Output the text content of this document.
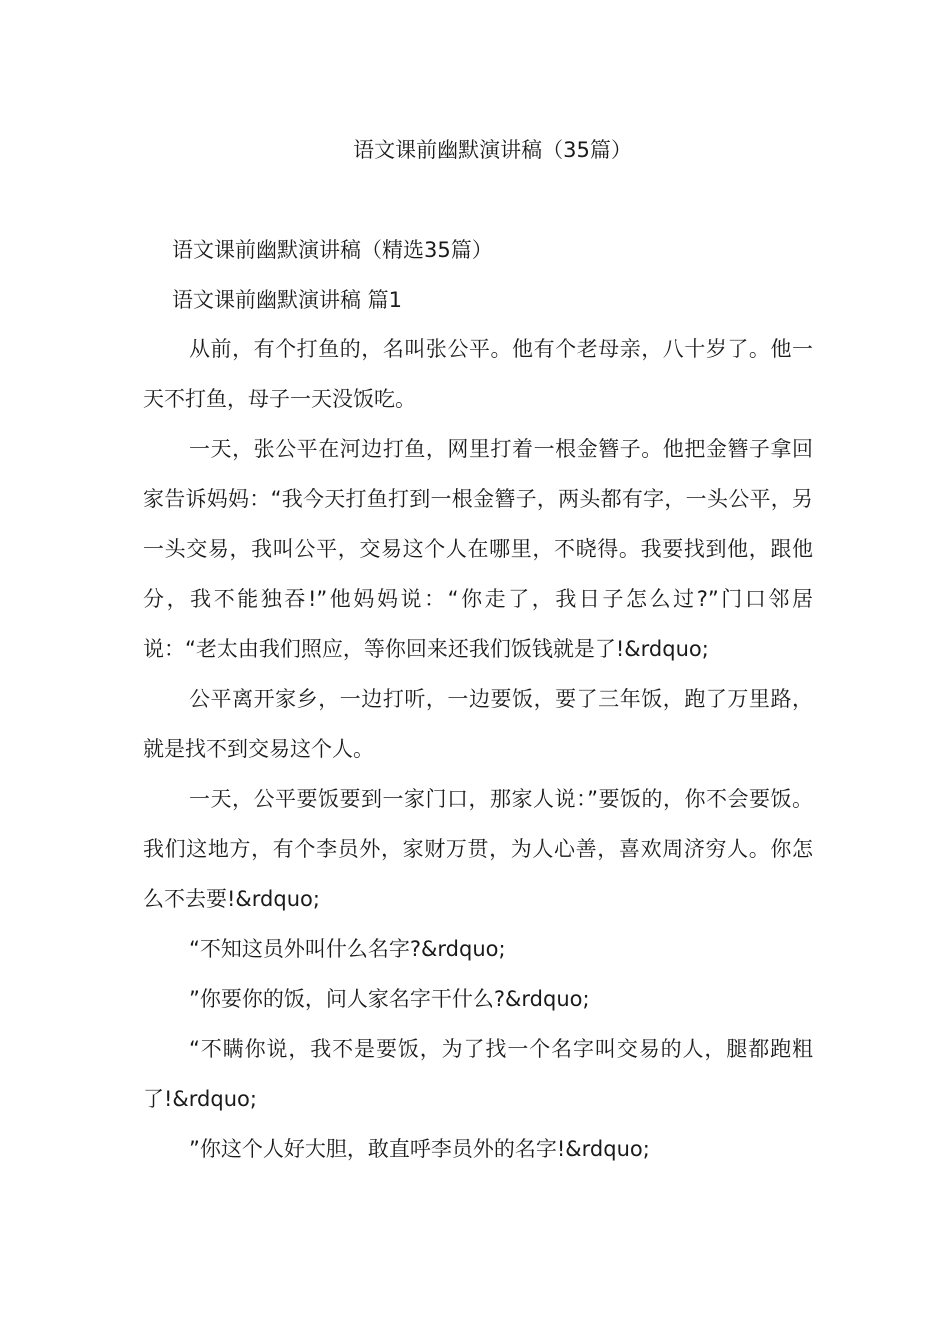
语文课前幽默演讲稿（35篇）

语文课前幽默演讲稿（精选35篇）

语文课前幽默演讲稿 篇1

从前，有个打鱼的，名叫张公平。他有个老母亲，八十岁了。他一天不打鱼，母子一天没饭吃。

一天，张公平在河边打鱼，网里打着一根金簪子。他把金簪子拿回家告诉妈妈：“我今天打鱼打到一根金簪子，两头都有字，一头公平，另一头交易，我叫公平，交易这个人在哪里，不晓得。我要找到他，跟他分，我不能独吞!”他妈妈说：“你走了，我日子怎么过?”门口邻居说：“老太由我们照应，等你回来还我们饭钱就是了!&rdquo;

公平离开家乡，一边打听，一边要饭，要了三年饭，跑了万里路，就是找不到交易这个人。

一天，公平要饭要到一家门口，那家人说：”要饭的，你不会要饭。我们这地方，有个李员外，家财万贯，为人心善，喜欢周济穷人。你怎么不去要!&rdquo;

“不知这员外叫什么名字?&rdquo;

”你要你的饭，问人家名字干什么?&rdquo;

“不瞒你说，我不是要饭，为了找一个名字叫交易的人，腿都跑粗了!&rdquo;

”你这个人好大胆，敢直呼李员外的名字!&rdquo;
